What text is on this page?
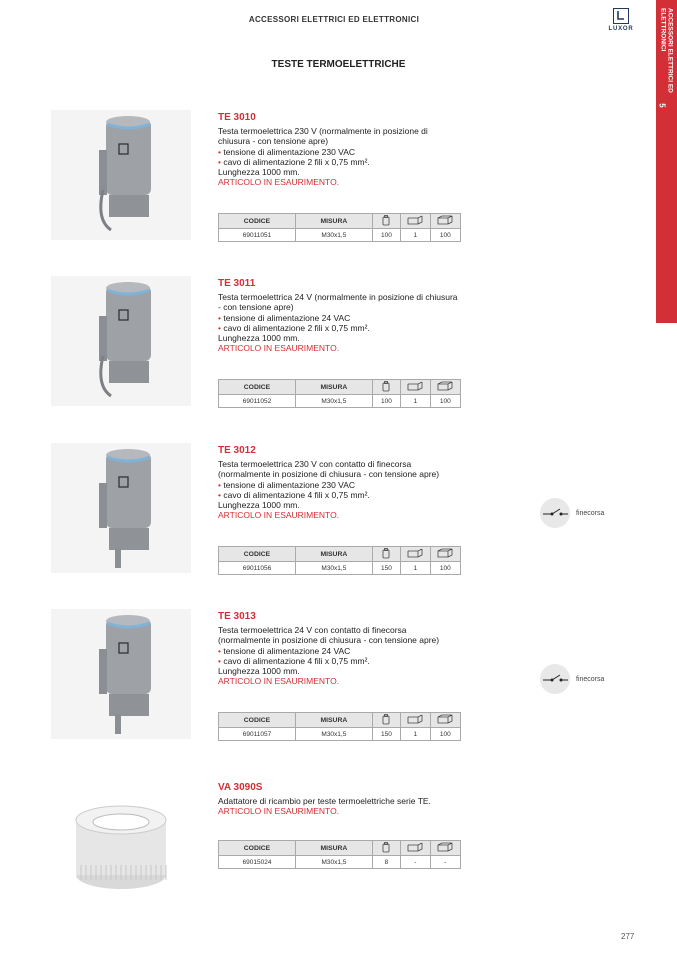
ACCESSORI ELETTRICI ED ELETTRONICI
LUXOR	ACCESSORI ELETTRICI ED ELETTRONICI
5
TESTE TERMOELETTRICHE
TE 3010
Testa termoelettrica 230 V (normalmente in posizione di chiusura - con tensione apre)
• tensione di alimentazione 230 VAC
• cavo di alimentazione 2 fili x 0,75 mm².
Lunghezza 1000 mm.
ARTICOLO IN ESAURIMENTO.
CODICE	MISURA			
69011051	M30x1,5	100	1	100
TE 3011
Testa termoelettrica 24 V (normalmente in posizione di chiusura - con tensione apre)
• tensione di alimentazione 24 VAC
• cavo di alimentazione 2 fili x 0,75 mm².
Lunghezza 1000 mm.
ARTICOLO IN ESAURIMENTO.
CODICE	MISURA			
69011052	M30x1,5	100	1	100
TE 3012
Testa termoelettrica 230 V con contatto di finecorsa (normalmente in posizione di chiusura - con tensione apre)
• tensione di alimentazione 230 VAC
• cavo di alimentazione 4 fili x 0,75 mm².
Lunghezza 1000 mm.
ARTICOLO IN ESAURIMENTO.
CODICE	MISURA			
69011056	M30x1,5	150	1	100
finecorsa
TE 3013
Testa termoelettrica 24 V con contatto di finecorsa (normalmente in posizione di chiusura - con tensione apre)
• tensione di alimentazione 24 VAC
• cavo di alimentazione 4 fili x 0,75 mm².
Lunghezza 1000 mm.
ARTICOLO IN ESAURIMENTO.
CODICE	MISURA			
69011057	M30x1,5	150	1	100
finecorsa
VA 3090S
Adattatore di ricambio per teste termoelettriche serie TE.
ARTICOLO IN ESAURIMENTO.
CODICE	MISURA			
69015024	M30x1,5	8	-	-
277
